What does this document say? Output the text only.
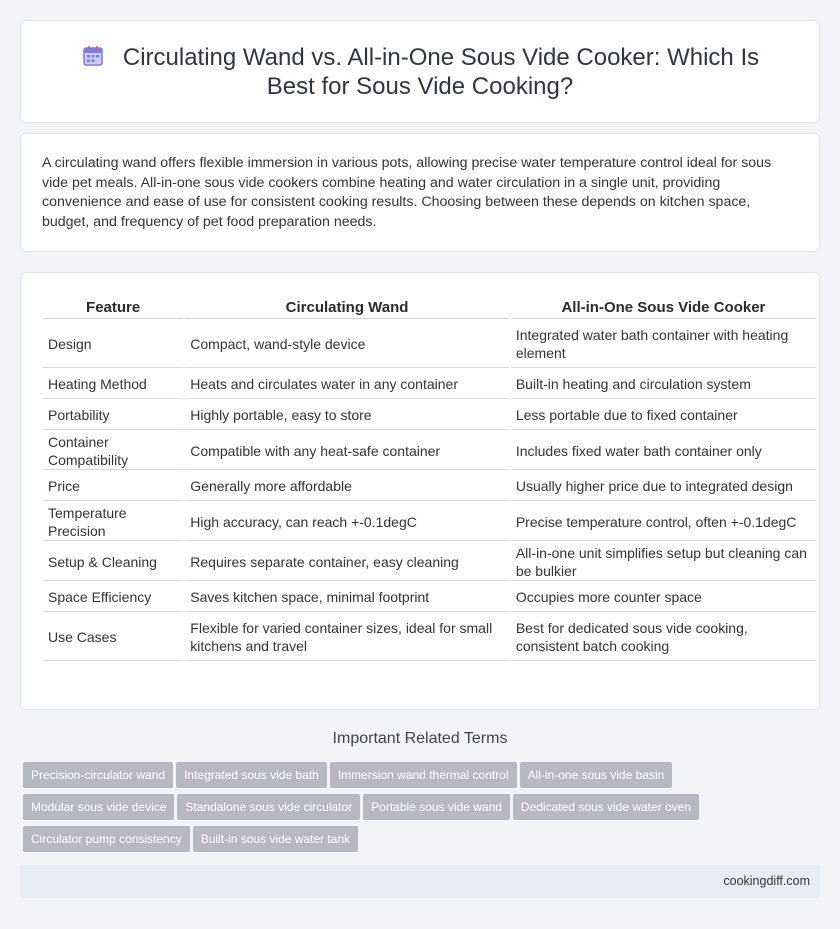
Circulating Wand vs. All-in-One Sous Vide Cooker: Which Is Best for Sous Vide Cooking?

A circulating wand offers flexible immersion in various pots, allowing precise water temperature control ideal for sous vide pet meals. All-in-one sous vide cookers combine heating and water circulation in a single unit, providing convenience and ease of use for consistent cooking results. Choosing between these depends on kitchen space, budget, and frequency of pet food preparation needs.

Feature	Circulating Wand	All-in-One Sous Vide Cooker
Design	Compact, wand-style device	Integrated water bath container with heating element
Heating Method	Heats and circulates water in any container	Built-in heating and circulation system
Portability	Highly portable, easy to store	Less portable due to fixed container
Container Compatibility	Compatible with any heat-safe container	Includes fixed water bath container only
Price	Generally more affordable	Usually higher price due to integrated design
Temperature Precision	High accuracy, can reach +-0.1degC	Precise temperature control, often +-0.1degC
Setup & Cleaning	Requires separate container, easy cleaning	All-in-one unit simplifies setup but cleaning can be bulkier
Space Efficiency	Saves kitchen space, minimal footprint	Occupies more counter space
Use Cases	Flexible for varied container sizes, ideal for small kitchens and travel	Best for dedicated sous vide cooking, consistent batch cooking
Important Related Terms
Precision-circulator wand Integrated sous vide bath Immersion wand thermal control All-in-one sous vide basin
Modular sous vide device Standalone sous vide circulator Portable sous vide wand Dedicated sous vide water oven
Circulator pump consistency Built-in sous vide water tank
cookingdiff.com
